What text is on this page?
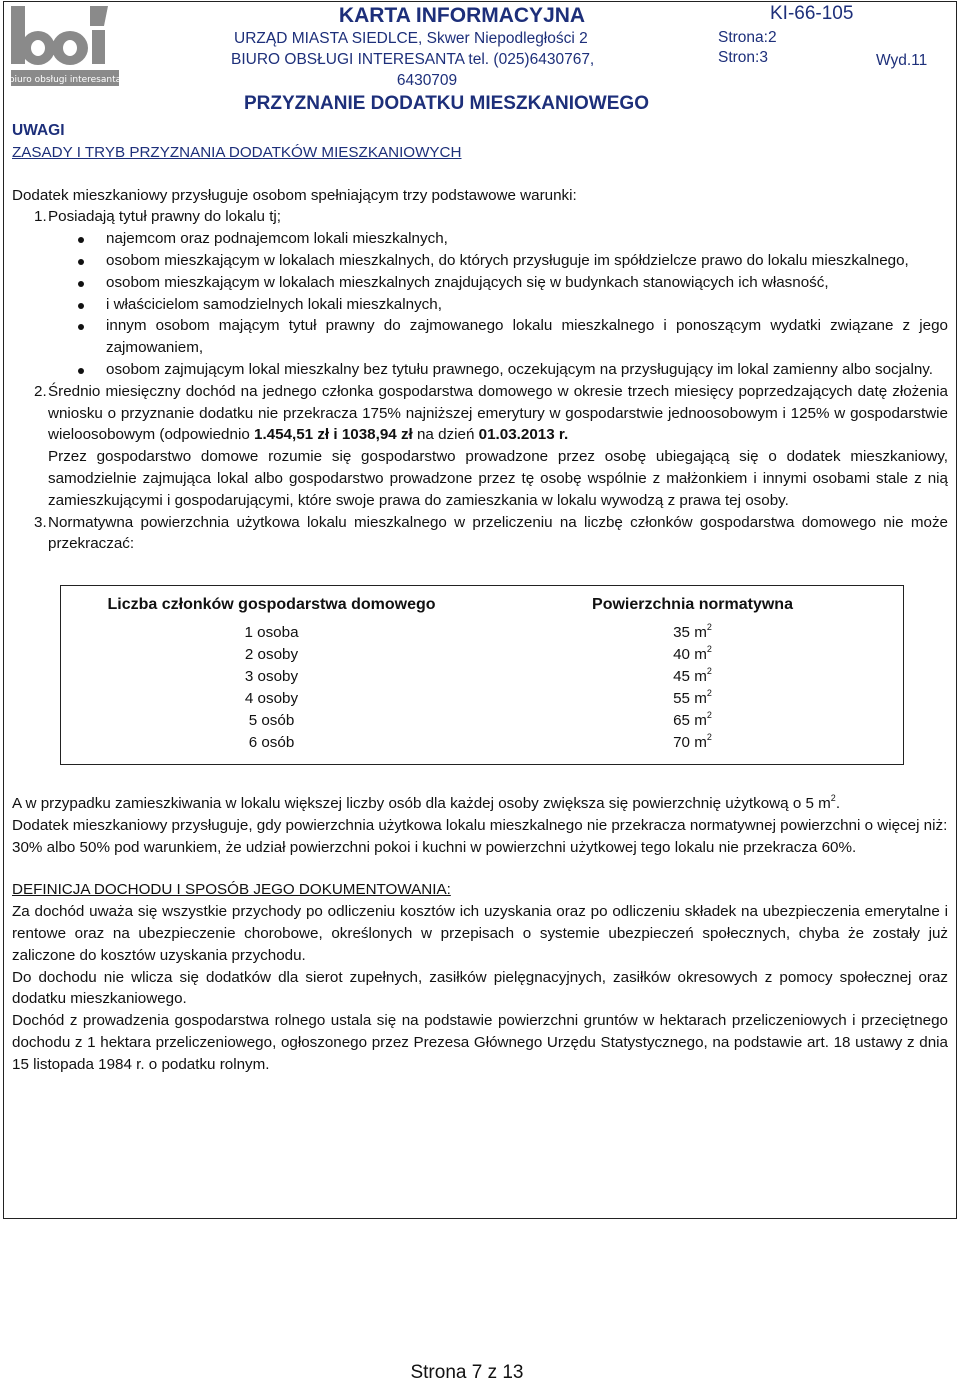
biuro obsługi interesanta
KARTA INFORMACYJNA
URZĄD MIASTA SIEDLCE, Skwer Niepodległości 2
BIURO OBSŁUGI INTERESANTA tel. (025)6430767,
6430709
KI-66-105
Strona:2
Stron:3	Wyd.11
PRZYZNANIE DODATKU MIESZKANIOWEGO
UWAGI
ZASADY I TRYB PRZYZNANIA DODATKÓW MIESZKANIOWYCH
Dodatek mieszkaniowy przysługuje osobom spełniającym trzy podstawowe warunki:
1. Posiadają tytuł prawny do lokalu tj;
najemcom oraz podnajemcom lokali mieszkalnych,
osobom mieszkającym w lokalach mieszkalnych, do których przysługuje im spółdzielcze prawo do lokalu mieszkalnego,
osobom mieszkającym w lokalach mieszkalnych znajdujących się w budynkach stanowiących ich własność,
i właścicielom samodzielnych lokali mieszkalnych,
innym osobom mającym tytuł prawny do zajmowanego lokalu mieszkalnego i ponoszącym wydatki związane z jego zajmowaniem,
osobom zajmującym lokal mieszkalny bez tytułu prawnego, oczekującym na przysługujący im lokal zamienny albo socjalny.
2. Średnio miesięczny dochód na jednego członka gospodarstwa domowego w okresie trzech miesięcy poprzedzających datę złożenia wniosku o przyznanie dodatku nie przekracza 175% najniższej emerytury w gospodarstwie jednoosobowym i 125% w gospodarstwie wieloosobowym (odpowiednio 1.454,51 zł i 1038,94 zł na dzień 01.03.2013 r.
Przez gospodarstwo domowe rozumie się gospodarstwo prowadzone przez osobę ubiegającą się o dodatek mieszkaniowy, samodzielnie zajmująca lokal albo gospodarstwo prowadzone przez tę osobę wspólnie z małżonkiem i innymi osobami stale z nią zamieszkującymi i gospodarującymi, które swoje prawa do zamieszkania w lokalu wywodzą z prawa tej osoby.
3. Normatywna powierzchnia użytkowa lokalu mieszkalnego w przeliczeniu na liczbę członków gospodarstwa domowego nie może przekraczać:
Liczba członków gospodarstwa domowego	Powierzchnia normatywna
1 osoba	35 $m^2$
2 osoby	40 $m^2$
3 osoby	45 $m^2$
4 osoby	55 $m^2$
5 osób	65 $m^2$
6 osób	70 $m^2$
A w przypadku zamieszkiwania w lokalu większej liczby osób dla każdej osoby zwiększa się powierzchnię użytkową o 5 $m^2$.
Dodatek mieszkaniowy przysługuje, gdy powierzchnia użytkowa lokalu mieszkalnego nie przekracza normatywnej powierzchni o więcej niż:
30% albo 50% pod warunkiem, że udział powierzchni pokoi i kuchni w powierzchni użytkowej tego lokalu nie przekracza 60%.
DEFINICJA DOCHODU I SPOSÓB JEGO DOKUMENTOWANIA:
Za dochód uważa się wszystkie przychody po odliczeniu kosztów ich uzyskania oraz po odliczeniu składek na ubezpieczenia emerytalne i rentowe oraz na ubezpieczenie chorobowe, określonych w przepisach o systemie ubezpieczeń społecznych, chyba że zostały już zaliczone do kosztów uzyskania przychodu.
Do dochodu nie wlicza się dodatków dla sierot zupełnych, zasiłków pielęgnacyjnych, zasiłków okresowych z pomocy społecznej oraz dodatku mieszkaniowego.
Dochód z prowadzenia gospodarstwa rolnego ustala się na podstawie powierzchni gruntów w hektarach przeliczeniowych i przeciętnego dochodu z 1 hektara przeliczeniowego, ogłoszonego przez Prezesa Głównego Urzędu Statystycznego, na podstawie art. 18 ustawy z dnia 15 listopada 1984 r. o podatku rolnym.
Strona 7 z 13
